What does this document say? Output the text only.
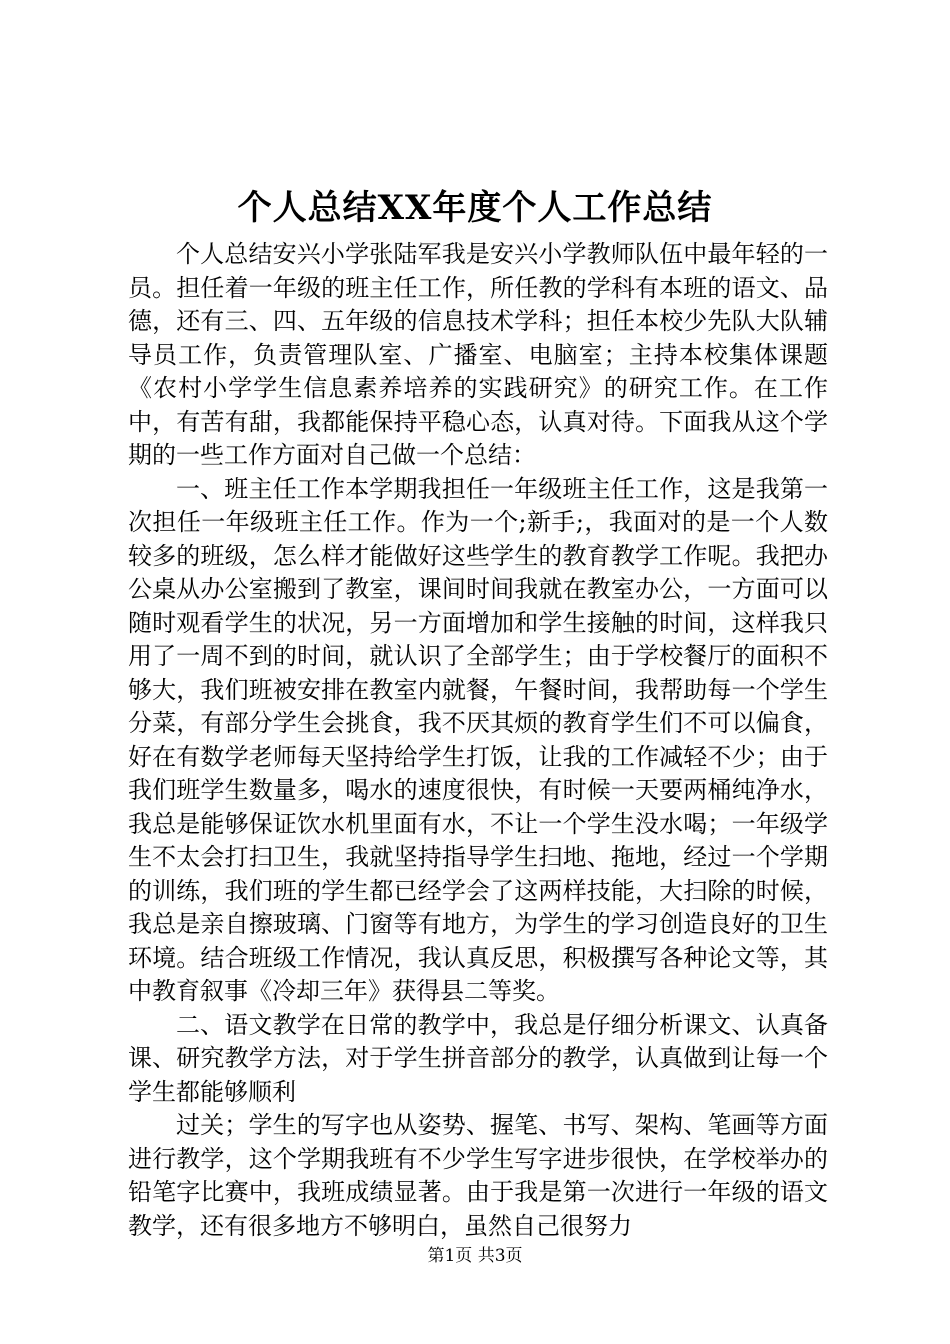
个人总结XX年度个人工作总结

个人总结安兴小学张陆军我是安兴小学教师队伍中最年轻的一员。担任着一年级的班主任工作，所任教的学科有本班的语文、品德，还有三、四、五年级的信息技术学科；担任本校少先队大队辅导员工作，负责管理队室、广播室、电脑室；主持本校集体课题《农村小学学生信息素养培养的实践研究》的研究工作。在工作中，有苦有甜，我都能保持平稳心态，认真对待。下面我从这个学期的一些工作方面对自己做一个总结：

一、班主任工作本学期我担任一年级班主任工作，这是我第一次担任一年级班主任工作。作为一个;新手;，我面对的是一个人数较多的班级，怎么样才能做好这些学生的教育教学工作呢。我把办公桌从办公室搬到了教室，课间时间我就在教室办公，一方面可以随时观看学生的状况，另一方面增加和学生接触的时间，这样我只用了一周不到的时间，就认识了全部学生；由于学校餐厅的面积不够大，我们班被安排在教室内就餐，午餐时间，我帮助每一个学生分菜，有部分学生会挑食，我不厌其烦的教育学生们不可以偏食，好在有数学老师每天坚持给学生打饭，让我的工作减轻不少；由于我们班学生数量多，喝水的速度很快，有时候一天要两桶纯净水，我总是能够保证饮水机里面有水，不让一个学生没水喝；一年级学生不太会打扫卫生，我就坚持指导学生扫地、拖地，经过一个学期的训练，我们班的学生都已经学会了这两样技能，大扫除的时候，我总是亲自擦玻璃、门窗等有地方，为学生的学习创造良好的卫生环境。结合班级工作情况，我认真反思，积极撰写各种论文等，其中教育叙事《冷却三年》获得县二等奖。

二、语文教学在日常的教学中，我总是仔细分析课文、认真备课、研究教学方法，对于学生拼音部分的教学，认真做到让每一个学生都能够顺利

过关；学生的写字也从姿势、握笔、书写、架构、笔画等方面进行教学，这个学期我班有不少学生写字进步很快，在学校举办的铅笔字比赛中，我班成绩显著。由于我是第一次进行一年级的语文教学，还有很多地方不够明白，虽然自己很努力

第1页 共3页
